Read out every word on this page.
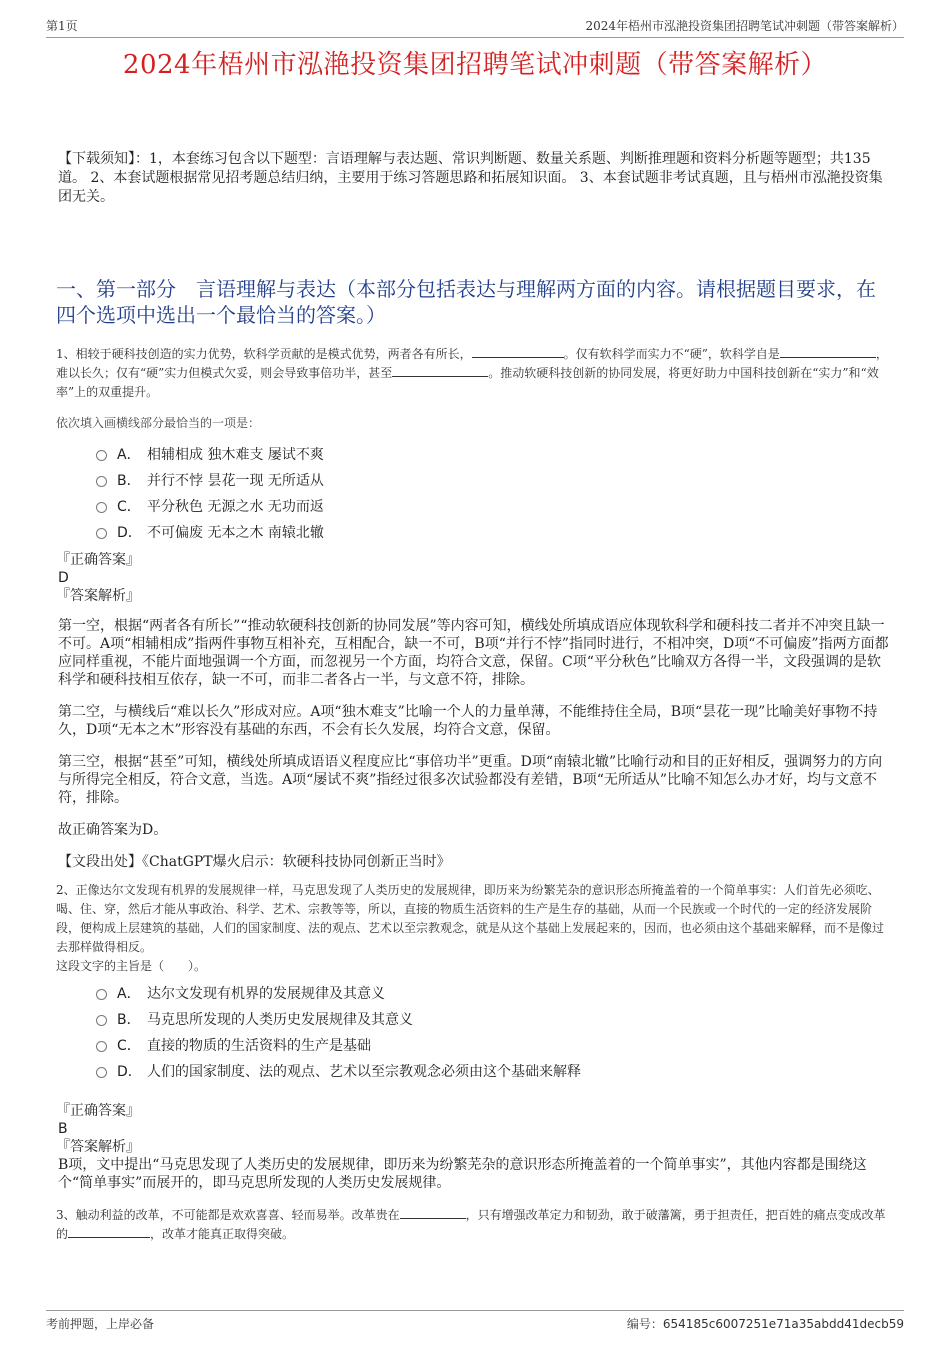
第1页	2024年梧州市泓滟投资集团招聘笔试冲刺题（带答案解析）
2024年梧州市泓滟投资集团招聘笔试冲刺题（带答案解析）
【下载须知】：1，本套练习包含以下题型：言语理解与表达题、常识判断题、数量关系题、判断推理题和资料分析题等题型；共135道。 2、本套试题根据常见招考题总结归纳，主要用于练习答题思路和拓展知识面。 3、本套试题非考试真题，且与梧州市泓滟投资集团无关。
一、第一部分　言语理解与表达（本部分包括表达与理解两方面的内容。请根据题目要求，在四个选项中选出一个最恰当的答案。）

1、相较于硬科技创造的实力优势，软科学贡献的是模式优势，两者各有所长，	。仅有软科学而实力不“硬”，软科学自是	，难以长久；仅有“硬”实力但模式欠妥，则会导致事倍功半，甚至	。推动软硬科技创新的协同发展，将更好助力中国科技创新在“实力”和“效率”上的双重提升。

依次填入画横线部分最恰当的一项是：

A． 相辅相成 独木难支 屡试不爽
B． 并行不悖 昙花一现 无所适从
C． 平分秋色 无源之水 无功而返
D． 不可偏废 无本之木 南辕北辙

『正确答案』

D

『答案解析』

第一空，根据“两者各有所长”“推动软硬科技创新的协同发展”等内容可知，横线处所填成语应体现软科学和硬科技二者并不冲突且缺一不可。A项“相辅相成”指两件事物互相补充，互相配合，缺一不可，B项“并行不悖”指同时进行，不相冲突，D项“不可偏废”指两方面都应同样重视，不能片面地强调一个方面，而忽视另一个方面，均符合文意，保留。C项“平分秋色”比喻双方各得一半，文段强调的是软科学和硬科技相互依存，缺一不可，而非二者各占一半，与文意不符，排除。

第二空，与横线后“难以长久”形成对应。A项“独木难支”比喻一个人的力量单薄，不能维持住全局，B项“昙花一现”比喻美好事物不持久，D项“无本之木”形容没有基础的东西，不会有长久发展，均符合文意，保留。

第三空，根据“甚至”可知，横线处所填成语语义程度应比“事倍功半”更重。D项“南辕北辙”比喻行动和目的正好相反，强调努力的方向与所得完全相反，符合文意，当选。A项“屡试不爽”指经过很多次试验都没有差错，B项“无所适从”比喻不知怎么办才好，均与文意不符，排除。

故正确答案为D。

【文段出处】《ChatGPT爆火启示：软硬科技协同创新正当时》

2、正像达尔文发现有机界的发展规律一样，马克思发现了人类历史的发展规律，即历来为纷繁芜杂的意识形态所掩盖着的一个简单事实：人们首先必须吃、喝、住、穿，然后才能从事政治、科学、艺术、宗教等等，所以，直接的物质生活资料的生产是生存的基础，从而一个民族或一个时代的一定的经济发展阶段，便构成上层建筑的基础，人们的国家制度、法的观点、艺术以至宗教观念，就是从这个基础上发展起来的，因而，也必须由这个基础来解释，而不是像过去那样做得相反。

这段文字的主旨是（　　）。

A． 达尔文发现有机界的发展规律及其意义
B． 马克思所发现的人类历史发展规律及其意义
C． 直接的物质的生活资料的生产是基础
D． 人们的国家制度、法的观点、艺术以至宗教观念必须由这个基础来解释

『正确答案』

B

『答案解析』

B项，文中提出“马克思发现了人类历史的发展规律，即历来为纷繁芜杂的意识形态所掩盖着的一个简单事实”，其他内容都是围绕这个“简单事实”而展开的，即马克思所发现的人类历史发展规律。

3、触动利益的改革，不可能都是欢欢喜喜、轻而易举。改革贵在	，只有增强改革定力和韧劲，敢于破藩篱，勇于担责任，把百姓的痛点变成改革的	，改革才能真正取得突破。

考前押题，上岸必备	编号：654185c6007251e71a35abdd41decb59
